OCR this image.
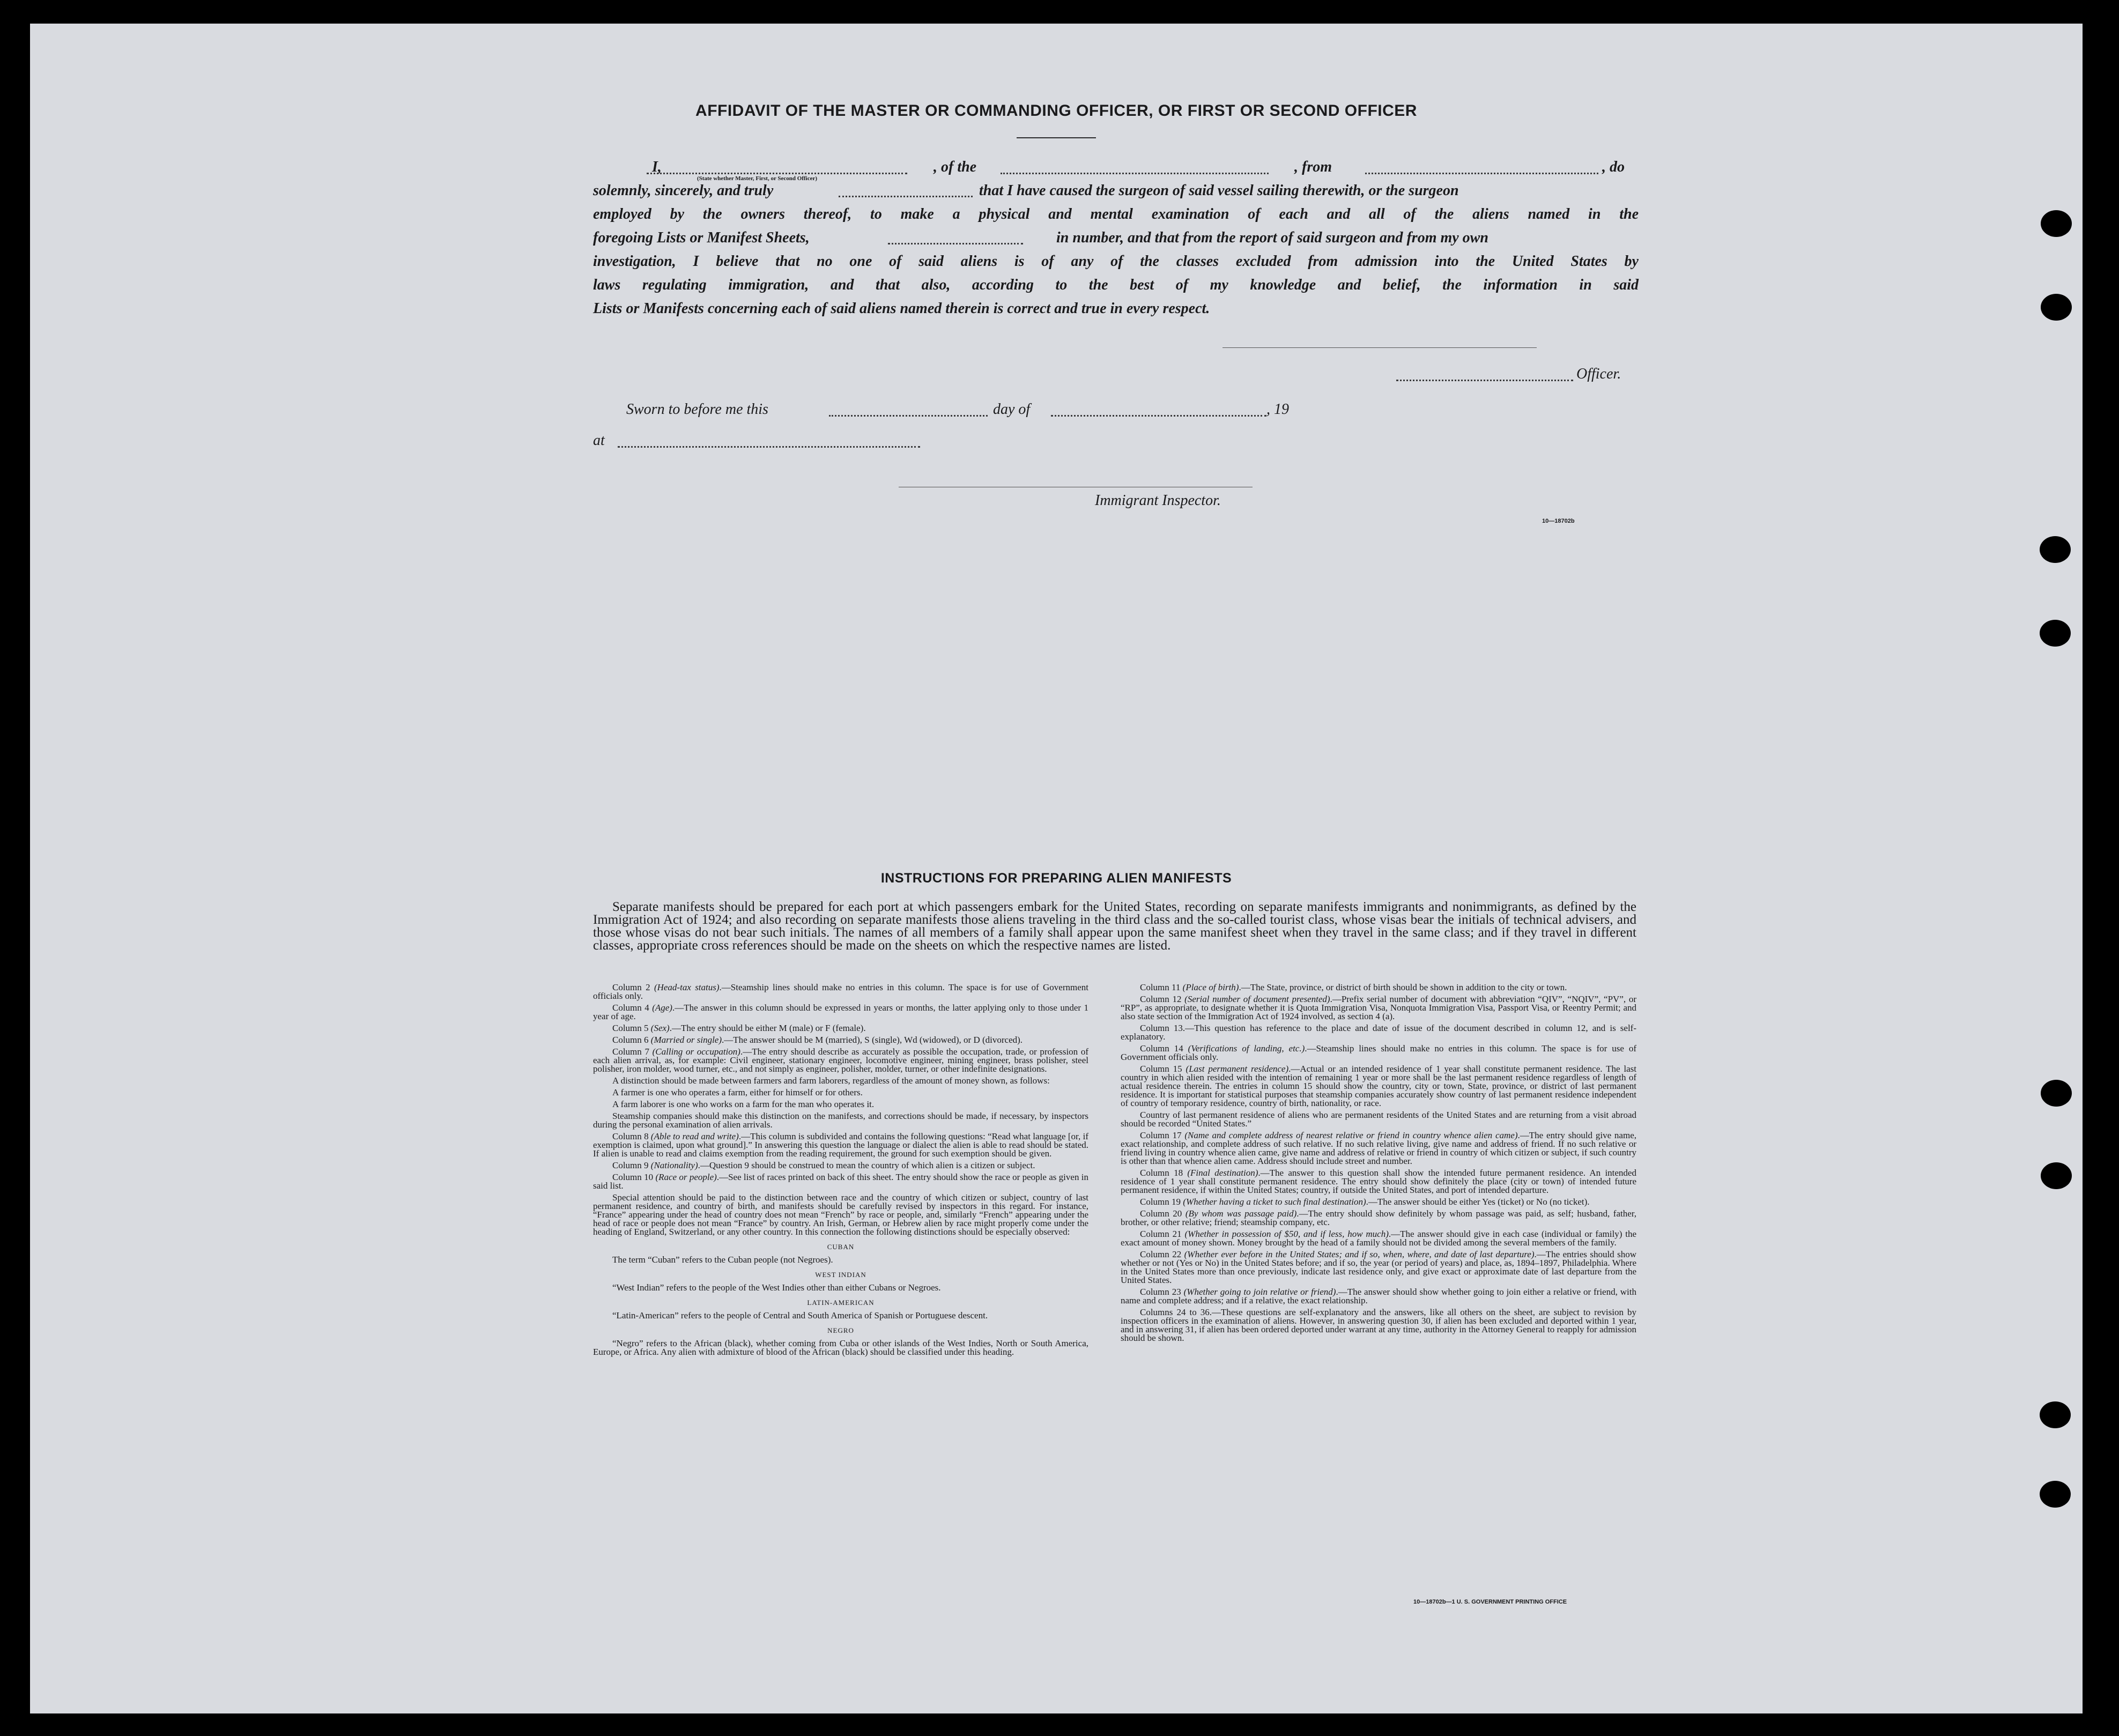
AFFIDAVIT OF THE MASTER OR COMMANDING OFFICER, OR FIRST OR SECOND OFFICER
I,	, of the	, from	, do
(State whether Master, First, or Second Officer)
solemnly, sincerely, and truly	that I have caused the surgeon of said vessel sailing therewith, or the surgeon
employed by the owners thereof, to make a physical and mental examination of each and all of the aliens named in the
foregoing Lists or Manifest Sheets,	in number, and that from the report of said surgeon and from my own
investigation, I believe that no one of said aliens is of any of the classes excluded from admission into the United States by
laws regulating immigration, and that also, according to the best of my knowledge and belief, the information in said
Lists or Manifests concerning each of said aliens named therein is correct and true in every respect.
Officer.
Sworn to before me this	day of	, 19
at
Immigrant Inspector.
10—18702b
INSTRUCTIONS FOR PREPARING ALIEN MANIFESTS
Separate manifests should be prepared for each port at which passengers embark for the United States, recording on separate manifests immigrants and nonimmigrants, as defined by the Immigration Act of 1924; and also recording on separate manifests those aliens traveling in the third class and the so-called tourist class, whose visas bear the initials of technical advisers, and those whose visas do not bear such initials. The names of all members of a family shall appear upon the same manifest sheet when they travel in the same class; and if they travel in different classes, appropriate cross references should be made on the sheets on which the respective names are listed.

Column 2 (Head-tax status).—Steamship lines should make no entries in this column. The space is for use of Government officials only.

Column 4 (Age).—The answer in this column should be expressed in years or months, the latter applying only to those under 1 year of age.

Column 5 (Sex).—The entry should be either M (male) or F (female).

Column 6 (Married or single).—The answer should be M (married), S (single), Wd (widowed), or D (divorced).

Column 7 (Calling or occupation).—The entry should describe as accurately as possible the occupation, trade, or profession of each alien arrival, as, for example: Civil engineer, stationary engineer, locomotive engineer, mining engineer, brass polisher, steel polisher, iron molder, wood turner, etc., and not simply as engineer, polisher, molder, turner, or other indefinite designations.

A distinction should be made between farmers and farm laborers, regardless of the amount of money shown, as follows:

A farmer is one who operates a farm, either for himself or for others.

A farm laborer is one who works on a farm for the man who operates it.

Steamship companies should make this distinction on the manifests, and corrections should be made, if necessary, by inspectors during the personal examination of alien arrivals.

Column 8 (Able to read and write).—This column is subdivided and contains the following questions: “Read what language [or, if exemption is claimed, upon what ground].” In answering this question the language or dialect the alien is able to read should be stated. If alien is unable to read and claims exemption from the reading requirement, the ground for such exemption should be given.

Column 9 (Nationality).—Question 9 should be construed to mean the country of which alien is a citizen or subject.

Column 10 (Race or people).—See list of races printed on back of this sheet. The entry should show the race or people as given in said list.

Special attention should be paid to the distinction between race and the country of which citizen or subject, country of last permanent residence, and country of birth, and manifests should be carefully revised by inspectors in this regard. For instance, “France” appearing under the head of country does not mean “French” by race or people, and, similarly “French” appearing under the head of race or people does not mean “France” by country. An Irish, German, or Hebrew alien by race might properly come under the heading of England, Switzerland, or any other country. In this connection the following distinctions should be especially observed:

CUBAN

The term “Cuban” refers to the Cuban people (not Negroes).

WEST INDIAN

“West Indian” refers to the people of the West Indies other than either Cubans or Negroes.

LATIN-AMERICAN

“Latin-American” refers to the people of Central and South America of Spanish or Portuguese descent.

NEGRO

“Negro” refers to the African (black), whether coming from Cuba or other islands of the West Indies, North or South America, Europe, or Africa. Any alien with admixture of blood of the African (black) should be classified under this heading.

Column 11 (Place of birth).—The State, province, or district of birth should be shown in addition to the city or town.

Column 12 (Serial number of document presented).—Prefix serial number of document with abbreviation “QIV”, “NQIV”, “PV”, or “RP”, as appropriate, to designate whether it is Quota Immigration Visa, Nonquota Immigration Visa, Passport Visa, or Reentry Permit; and also state section of the Immigration Act of 1924 involved, as section 4 (a).

Column 13.—This question has reference to the place and date of issue of the document described in column 12, and is self-explanatory.

Column 14 (Verifications of landing, etc.).—Steamship lines should make no entries in this column. The space is for use of Government officials only.

Column 15 (Last permanent residence).—Actual or an intended residence of 1 year shall constitute permanent residence. The last country in which alien resided with the intention of remaining 1 year or more shall be the last permanent residence regardless of length of actual residence therein. The entries in column 15 should show the country, city or town, State, province, or district of last permanent residence. It is important for statistical purposes that steamship companies accurately show country of last permanent residence independent of country of temporary residence, country of birth, nationality, or race.

Country of last permanent residence of aliens who are permanent residents of the United States and are returning from a visit abroad should be recorded “United States.”

Column 17 (Name and complete address of nearest relative or friend in country whence alien came).—The entry should give name, exact relationship, and complete address of such relative. If no such relative living, give name and address of friend. If no such relative or friend living in country whence alien came, give name and address of relative or friend in country of which citizen or subject, if such country is other than that whence alien came. Address should include street and number.

Column 18 (Final destination).—The answer to this question shall show the intended future permanent residence. An intended residence of 1 year shall constitute permanent residence. The entry should show definitely the place (city or town) of intended future permanent residence, if within the United States; country, if outside the United States, and port of intended departure.

Column 19 (Whether having a ticket to such final destination).—The answer should be either Yes (ticket) or No (no ticket).

Column 20 (By whom was passage paid).—The entry should show definitely by whom passage was paid, as self; husband, father, brother, or other relative; friend; steamship company, etc.

Column 21 (Whether in possession of $50, and if less, how much).—The answer should give in each case (individual or family) the exact amount of money shown. Money brought by the head of a family should not be divided among the several members of the family.

Column 22 (Whether ever before in the United States; and if so, when, where, and date of last departure).—The entries should show whether or not (Yes or No) in the United States before; and if so, the year (or period of years) and place, as, 1894–1897, Philadelphia. Where in the United States more than once previously, indicate last residence only, and give exact or approximate date of last departure from the United States.

Column 23 (Whether going to join relative or friend).—The answer should show whether going to join either a relative or friend, with name and complete address; and if a relative, the exact relationship.

Columns 24 to 36.—These questions are self-explanatory and the answers, like all others on the sheet, are subject to revision by inspection officers in the examination of aliens. However, in answering question 30, if alien has been excluded and deported within 1 year, and in answering 31, if alien has been ordered deported under warrant at any time, authority in the Attorney General to reapply for admission should be shown.

10—18702b—1 U. S. GOVERNMENT PRINTING OFFICE
